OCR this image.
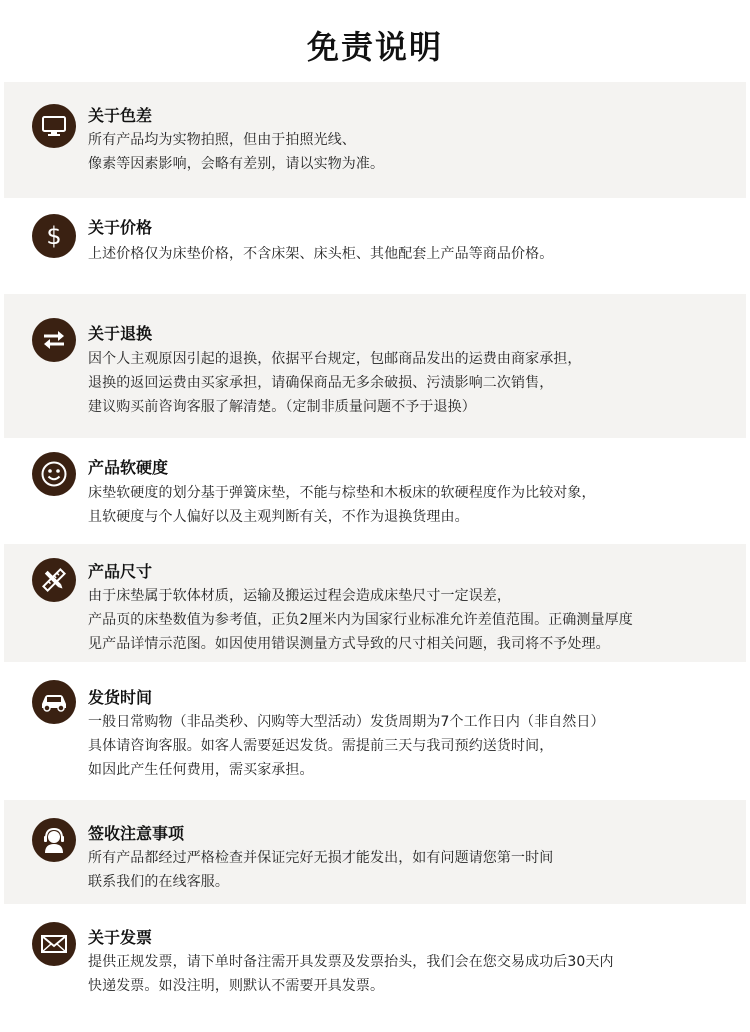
免责说明
关于色差
所有产品均为实物拍照，但由于拍照光线、
像素等因素影响，会略有差别，请以实物为准。
$ 关于价格
上述价格仅为床垫价格，不含床架、床头柜、其他配套上产品等商品价格。
关于退换
因个人主观原因引起的退换，依据平台规定，包邮商品发出的运费由商家承担，
退换的返回运费由买家承担，请确保商品无多余破损、污渍影响二次销售，
建议购买前咨询客服了解清楚。（定制非质量问题不予于退换）
产品软硬度
床垫软硬度的划分基于弹簧床垫，不能与棕垫和木板床的软硬程度作为比较对象，
且软硬度与个人偏好以及主观判断有关，不作为退换货理由。
产品尺寸
由于床垫属于软体材质，运输及搬运过程会造成床垫尺寸一定误差，
产品页的床垫数值为参考值，正负2厘米内为国家行业标准允许差值范围。正确测量厚度
见产品详情示范图。如因使用错误测量方式导致的尺寸相关问题，我司将不予处理。
发货时间
一般日常购物（非品类秒、闪购等大型活动）发货周期为7个工作日内（非自然日）
具体请咨询客服。如客人需要延迟发货。需提前三天与我司预约送货时间，
如因此产生任何费用，需买家承担。
签收注意事项
所有产品都经过严格检查并保证完好无损才能发出，如有问题请您第一时间
联系我们的在线客服。
关于发票
提供正规发票，请下单时备注需开具发票及发票抬头，我们会在您交易成功后30天内
快递发票。如没注明，则默认不需要开具发票。
